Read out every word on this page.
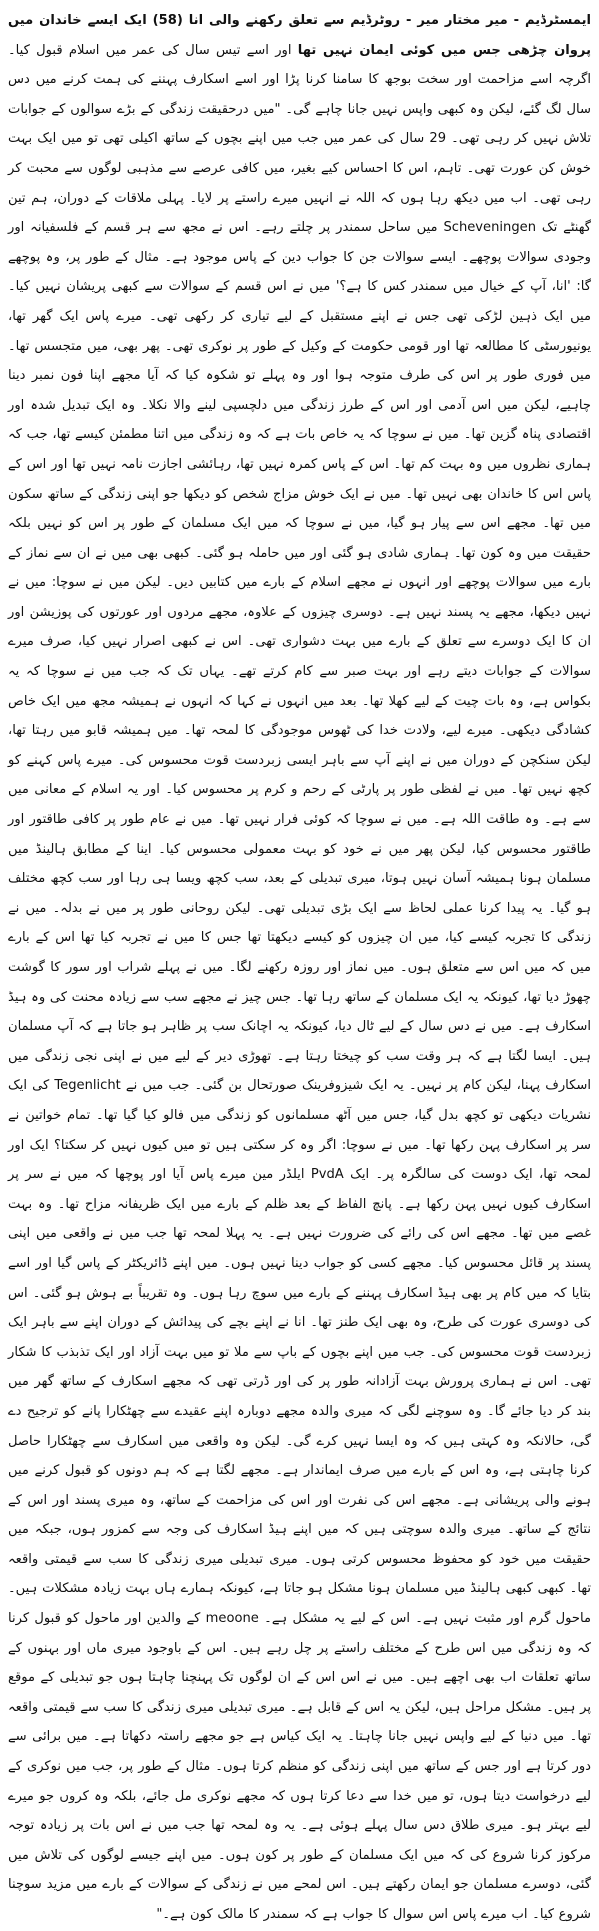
ایمسٹرڈیم - میر مختار میر - روٹرڈیم سے تعلق رکھنے والی انا (58) ایک ایسے خاندان میں پروان چڑھی جس میں کوئی ایمان نہیں تھا اور اسے تیس سال کی عمر میں اسلام قبول کیا۔ اگرچہ اسے مزاحمت اور سخت بوجھ کا سامنا کرنا پڑا اور اسے اسکارف پہننے کی ہمت کرنے میں دس سال لگ گئے، لیکن وہ کبھی واپس نہیں جانا چاہے گی۔ "میں درحقیقت زندگی کے بڑے سوالوں کے جوابات تلاش نہیں کر رہی تھی۔ 29 سال کی عمر میں جب میں اپنے بچوں کے ساتھ اکیلی تھی تو میں ایک بہت خوش کن عورت تھی۔ تاہم، اس کا احساس کیے بغیر، میں کافی عرصے سے مذہبی لوگوں سے محبت کر رہی تھی۔ اب میں دیکھ رہا ہوں کہ اللہ نے انہیں میرے راستے پر لایا۔ پہلی ملاقات کے دوران، ہم تین گھنٹے تک Scheveningen میں ساحل سمندر پر چلتے رہے۔ اس نے مجھ سے ہر قسم کے فلسفیانہ اور وجودی سوالات پوچھے۔ ایسے سوالات جن کا جواب دین کے پاس موجود ہے۔ مثال کے طور پر، وہ پوچھے گا: 'انا، آپ کے خیال میں سمندر کس کا ہے؟' میں نے اس قسم کے سوالات سے کبھی پریشان نہیں کیا۔ میں ایک ذہین لڑکی تھی جس نے اپنے مستقبل کے لیے تیاری کر رکھی تھی۔ میرے پاس ایک گھر تھا، یونیورسٹی کا مطالعہ تھا اور قومی حکومت کے وکیل کے طور پر نوکری تھی۔ پھر بھی، میں متجسس تھا۔ میں فوری طور پر اس کی طرف متوجہ ہوا اور وہ پہلے تو شکوہ کیا کہ آیا مجھے اپنا فون نمبر دینا چاہیے، لیکن میں اس آدمی اور اس کے طرز زندگی میں دلچسپی لینے والا نکلا۔ وہ ایک تبدیل شدہ اور اقتصادی پناہ گزین تھا۔ میں نے سوچا کہ یہ خاص بات ہے کہ وہ زندگی میں اتنا مطمئن کیسے تھا، جب کہ ہماری نظروں میں وہ بہت کم تھا۔ اس کے پاس کمرہ نہیں تھا، رہائشی اجازت نامہ نہیں تھا اور اس کے پاس اس کا خاندان بھی نہیں تھا۔ میں نے ایک خوش مزاج شخص کو دیکھا جو اپنی زندگی کے ساتھ سکون میں تھا۔ مجھے اس سے پیار ہو گیا، میں نے سوچا کہ میں ایک مسلمان کے طور پر اس کو نہیں بلکہ حقیقت میں وہ کون تھا۔ ہماری شادی ہو گئی اور میں حاملہ ہو گئی۔ کبھی بھی میں نے ان سے نماز کے بارے میں سوالات پوچھے اور انہوں نے مجھے اسلام کے بارے میں کتابیں دیں۔ لیکن میں نے سوچا: میں نے نہیں دیکھا، مجھے یہ پسند نہیں ہے۔ دوسری چیزوں کے علاوہ، مجھے مردوں اور عورتوں کی پوزیشن اور ان کا ایک دوسرے سے تعلق کے بارے میں بہت دشواری تھی۔ اس نے کبھی اصرار نہیں کیا، صرف میرے سوالات کے جوابات دیتے رہے اور بہت صبر سے کام کرتے تھے۔ یہاں تک کہ جب میں نے سوچا کہ یہ بکواس ہے، وہ بات چیت کے لیے کھلا تھا۔ بعد میں انہوں نے کہا کہ انہوں نے ہمیشہ مجھ میں ایک خاص کشادگی دیکھی۔ میرے لیے، ولادت خدا کی ٹھوس موجودگی کا لمحہ تھا۔ میں ہمیشہ قابو میں رہتا تھا، لیکن سنکچن کے دوران میں نے اپنے آپ سے باہر ایسی زبردست قوت محسوس کی۔ میرے پاس کہنے کو کچھ نہیں تھا۔ میں نے لفظی طور پر پارٹی کے رحم و کرم پر محسوس کیا۔ اور یہ اسلام کے معانی میں سے ہے۔ وہ طاقت اللہ ہے۔ میں نے سوچا کہ کوئی فرار نہیں تھا۔ میں نے عام طور پر کافی طاقتور اور طاقتور محسوس کیا، لیکن پھر میں نے خود کو بہت معمولی محسوس کیا۔ اینا کے مطابق ہالینڈ میں مسلمان ہونا ہمیشہ آسان نہیں ہوتا، میری تبدیلی کے بعد، سب کچھ ویسا ہی رہا اور سب کچھ مختلف ہو گیا۔ یہ پیدا کرنا عملی لحاظ سے ایک بڑی تبدیلی تھی۔ لیکن روحانی طور پر میں نے بدلہ۔ میں نے زندگی کا تجربہ کیسے کیا، میں ان چیزوں کو کیسے دیکھتا تھا جس کا میں نے تجربہ کیا تھا اس کے بارے میں کہ میں اس سے متعلق ہوں۔ میں نماز اور روزہ رکھنے لگا۔ میں نے پہلے شراب اور سور کا گوشت چھوڑ دیا تھا، کیونکہ یہ ایک مسلمان کے ساتھ رہا تھا۔ جس چیز نے مجھے سب سے زیادہ محنت کی وہ ہیڈ اسکارف ہے۔ میں نے دس سال کے لیے ٹال دیا، کیونکہ یہ اچانک سب پر ظاہر ہو جاتا ہے کہ آپ مسلمان ہیں۔ ایسا لگتا ہے کہ ہر وقت سب کو چیختا رہتا ہے۔ تھوڑی دیر کے لیے میں نے اپنی نجی زندگی میں اسکارف پہنا، لیکن کام پر نہیں۔ یہ ایک شیزوفرینک صورتحال بن گئی۔ جب میں نے Tegenlicht کی ایک نشریات دیکھی تو کچھ بدل گیا، جس میں آٹھ مسلمانوں کو زندگی میں فالو کیا گیا تھا۔ تمام خواتین نے سر پر اسکارف پہن رکھا تھا۔ میں نے سوچا: اگر وہ کر سکتی ہیں تو میں کیوں نہیں کر سکتا؟ ایک اور لمحہ تھا، ایک دوست کی سالگرہ پر۔ ایک PvdA ایلڈر مین میرے پاس آیا اور پوچھا کہ میں نے سر پر اسکارف کیوں نہیں پہن رکھا ہے۔ پانچ الفاظ کے بعد ظلم کے بارے میں ایک ظریفانہ مزاح تھا۔ وہ بہت غصے میں تھا۔ مجھے اس کی رائے کی ضرورت نہیں ہے۔ یہ پہلا لمحہ تھا جب میں نے واقعی میں اپنی پسند پر قائل محسوس کیا۔ مجھے کسی کو جواب دینا نہیں ہوں۔ میں اپنے ڈائریکٹر کے پاس گیا اور اسے بتایا کہ میں کام پر بھی ہیڈ اسکارف پہننے کے بارے میں سوچ رہا ہوں۔ وہ تقریباً بے ہوش ہو گئی۔ اس کی دوسری عورت کی طرح، وہ بھی ایک طنز تھا۔ انا نے اپنے بچے کی پیدائش کے دوران اپنے سے باہر ایک زبردست قوت محسوس کی۔ جب میں اپنے بچوں کے باپ سے ملا تو میں بہت آزاد اور ایک تذبذب کا شکار تھی۔ اس نے ہماری پرورش بہت آزادانہ طور پر کی اور ڈرتی تھی کہ مجھے اسکارف کے ساتھ گھر میں بند کر دیا جائے گا۔ وہ سوچنے لگی کہ میری والدہ مجھے دوبارہ اپنے عقیدے سے چھٹکارا پانے کو ترجیح دے گی، حالانکہ وہ کہتی ہیں کہ وہ ایسا نہیں کرے گی۔ لیکن وہ واقعی میں اسکارف سے چھٹکارا حاصل کرنا چاہتی ہے، وہ اس کے بارے میں صرف ایماندار ہے۔ مجھے لگتا ہے کہ ہم دونوں کو قبول کرنے میں ہونے والی پریشانی ہے۔ مجھے اس کی نفرت اور اس کی مزاحمت کے ساتھ، وہ میری پسند اور اس کے نتائج کے ساتھ۔ میری والدہ سوچتی ہیں کہ میں اپنے ہیڈ اسکارف کی وجہ سے کمزور ہوں، جبکہ میں حقیقت میں خود کو محفوظ محسوس کرتی ہوں۔ میری تبدیلی میری زندگی کا سب سے قیمتی واقعہ تھا۔ کبھی کبھی ہالینڈ میں مسلمان ہونا مشکل ہو جاتا ہے، کیونکہ ہمارے ہاں بہت زیادہ مشکلات ہیں۔ ماحول گرم اور مثبت نہیں ہے۔ اس کے لیے یہ مشکل ہے۔ meoone کے والدین اور ماحول کو قبول کرنا کہ وہ زندگی میں اس طرح کے مختلف راستے پر چل رہے ہیں۔ اس کے باوجود میری ماں اور بہنوں کے ساتھ تعلقات اب بھی اچھے ہیں۔ میں نے اس اس کے ان لوگوں تک پہنچنا چاہتا ہوں جو تبدیلی کے موقع پر ہیں۔ مشکل مراحل ہیں، لیکن یہ اس کے قابل ہے۔ میری تبدیلی میری زندگی کا سب سے قیمتی واقعہ تھا۔ میں دنیا کے لیے واپس نہیں جانا چاہتا۔ یہ ایک کیاس ہے جو مجھے راستہ دکھاتا ہے۔ میں برائی سے دور کرتا ہے اور جس کے ساتھ میں اپنی زندگی کو منظم کرتا ہوں۔ مثال کے طور پر، جب میں نوکری کے لیے درخواست دیتا ہوں، تو میں خدا سے دعا کرتا ہوں کہ مجھے نوکری مل جائے، بلکہ وہ کروں جو میرے لیے بہتر ہو۔ میری طلاق دس سال پہلے ہوئی ہے۔ یہ وہ لمحہ تھا جب میں نے اس بات پر زیادہ توجہ مرکوز کرنا شروع کی کہ میں ایک مسلمان کے طور پر کون ہوں۔ میں اپنے جیسے لوگوں کی تلاش میں گئی، دوسرے مسلمان جو ایمان رکھتے ہیں۔ اس لمحے میں نے زندگی کے سوالات کے بارے میں مزید سوچنا شروع کیا۔ اب میرے پاس اس سوال کا جواب ہے کہ سمندر کا مالک کون ہے۔"
